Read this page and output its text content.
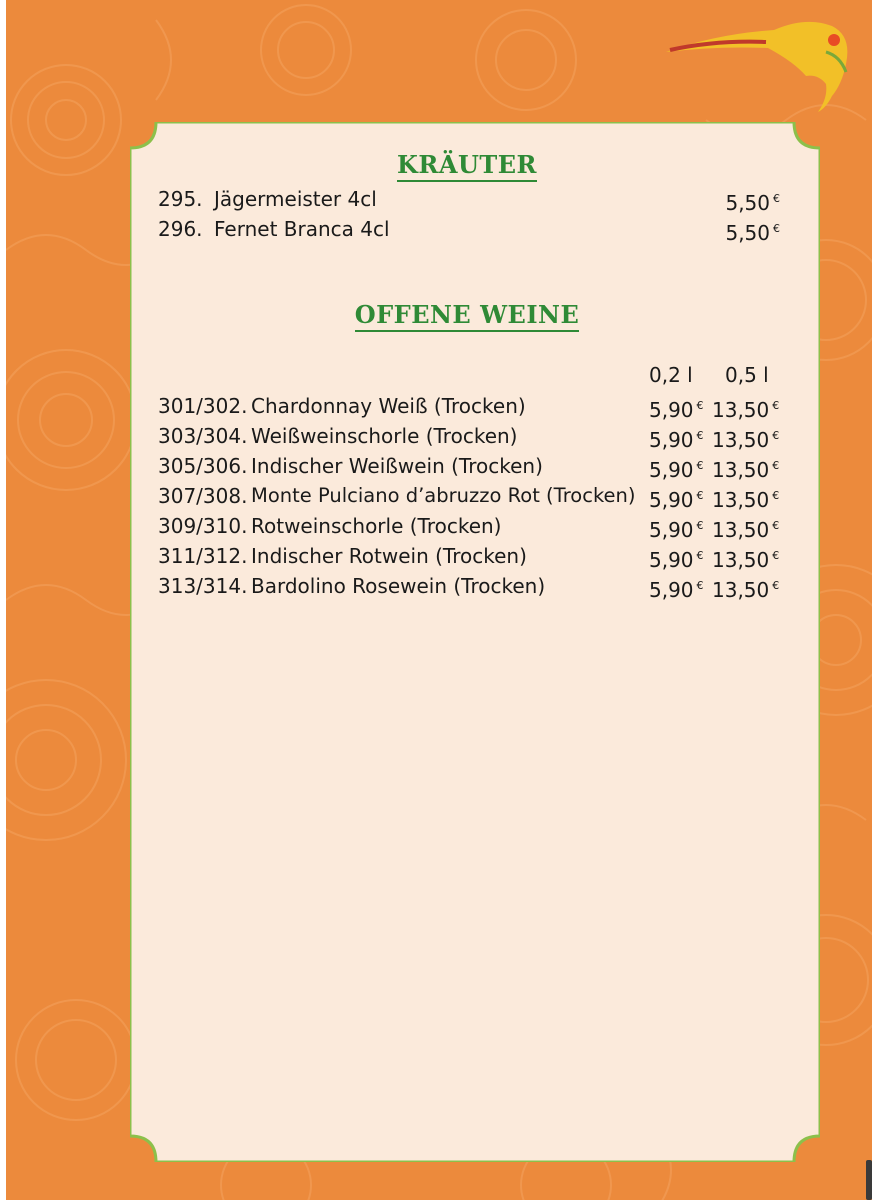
KRÄUTER
295. Jägermeister 4cl	5,50 €
296. Fernet Branca 4cl	5,50 €
OFFENE WEINE
0,2 l 0,5 l
301/302. Chardonnay Weiß (Trocken)	5,90 € 13,50 €
303/304. Weißweinschorle (Trocken)	5,90 € 13,50 €
305/306. Indischer Weißwein (Trocken)	5,90 € 13,50 €
307/308. Monte Pulciano d’abruzzo Rot (Trocken) 5,90 € 13,50 €
309/310. Rotweinschorle (Trocken)	5,90 € 13,50 €
311/312. Indischer Rotwein (Trocken)	5,90 € 13,50 €
313/314. Bardolino Rosewein (Trocken)	5,90 € 13,50 €
